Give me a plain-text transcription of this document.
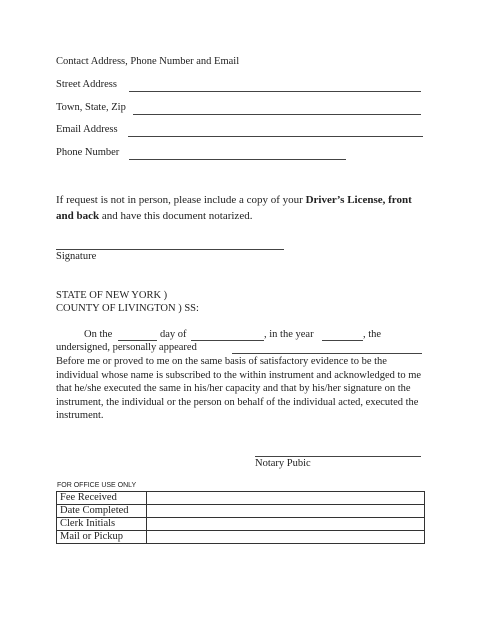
Contact Address, Phone Number and Email
Street Address
Town, State, Zip
Email Address
Phone Number
If request is not in person, please include a copy of your Driver’s License, front and back and have this document notarized.
Signature
STATE OF NEW YORK )
COUNTY OF LIVINGTON ) SS:
On the	day of	, in the year	, the
undersigned, personally appeared
Before me or proved to me on the same basis of satisfactory evidence to be the individual whose name is subscribed to the within instrument and acknowledged to me that he/she executed the same in his/her capacity and that by his/her signature on the instrument, the individual or the person on behalf of the individual acted, executed the instrument.
Notary Pubic
FOR OFFICE USE ONLY
Fee Received	
Date Completed	
Clerk Initials	
Mail or Pickup	
